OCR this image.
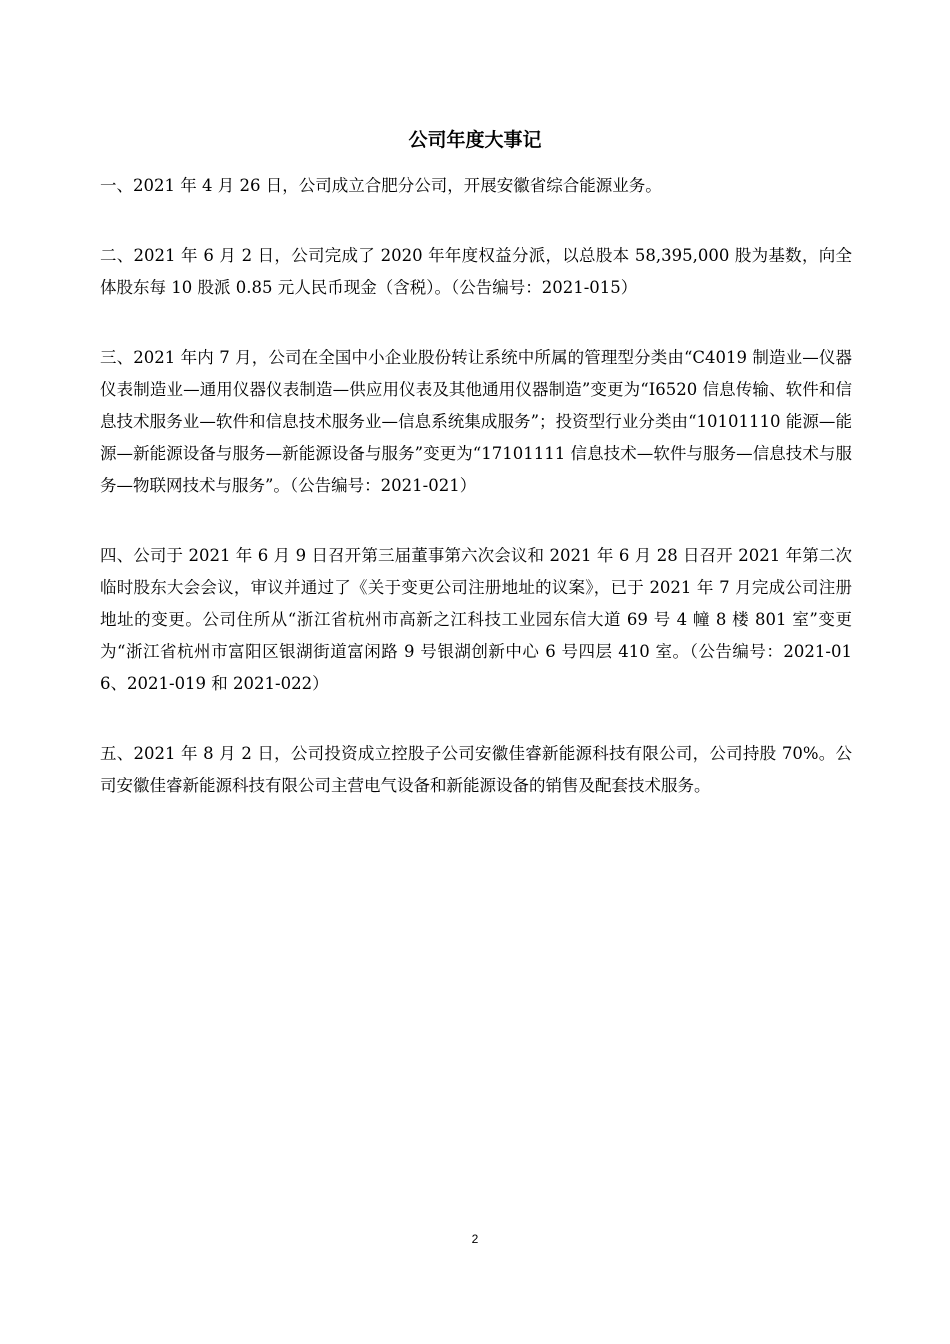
公司年度大事记

一、2021 年 4 月 26 日，公司成立合肥分公司，开展安徽省综合能源业务。

二、2021 年 6 月 2 日，公司完成了 2020 年年度权益分派，以总股本 58,395,000 股为基数，向全体股东每 10 股派 0.85 元人民币现金（含税）。（公告编号：2021-015）

三、2021 年内 7 月，公司在全国中小企业股份转让系统中所属的管理型分类由“C4019 制造业—仪器仪表制造业—通用仪器仪表制造—供应用仪表及其他通用仪器制造”变更为“I6520 信息传输、软件和信息技术服务业—软件和信息技术服务业—信息系统集成服务”；投资型行业分类由“10101110 能源—能源—新能源设备与服务—新能源设备与服务”变更为“17101111 信息技术—软件与服务—信息技术与服务—物联网技术与服务”。（公告编号：2021-021）

四、公司于 2021 年 6 月 9 日召开第三届董事第六次会议和 2021 年 6 月 28 日召开 2021 年第二次临时股东大会会议，审议并通过了《关于变更公司注册地址的议案》，已于 2021 年 7 月完成公司注册地址的变更。公司住所从“浙江省杭州市高新之江科技工业园东信大道 69 号 4 幢 8 楼 801 室”变更为“浙江省杭州市富阳区银湖街道富闲路 9 号银湖创新中心 6 号四层 410 室。（公告编号：2021-016、2021-019 和 2021-022）

五、2021 年 8 月 2 日，公司投资成立控股子公司安徽佳睿新能源科技有限公司，公司持股 70%。公司安徽佳睿新能源科技有限公司主营电气设备和新能源设备的销售及配套技术服务。

2
